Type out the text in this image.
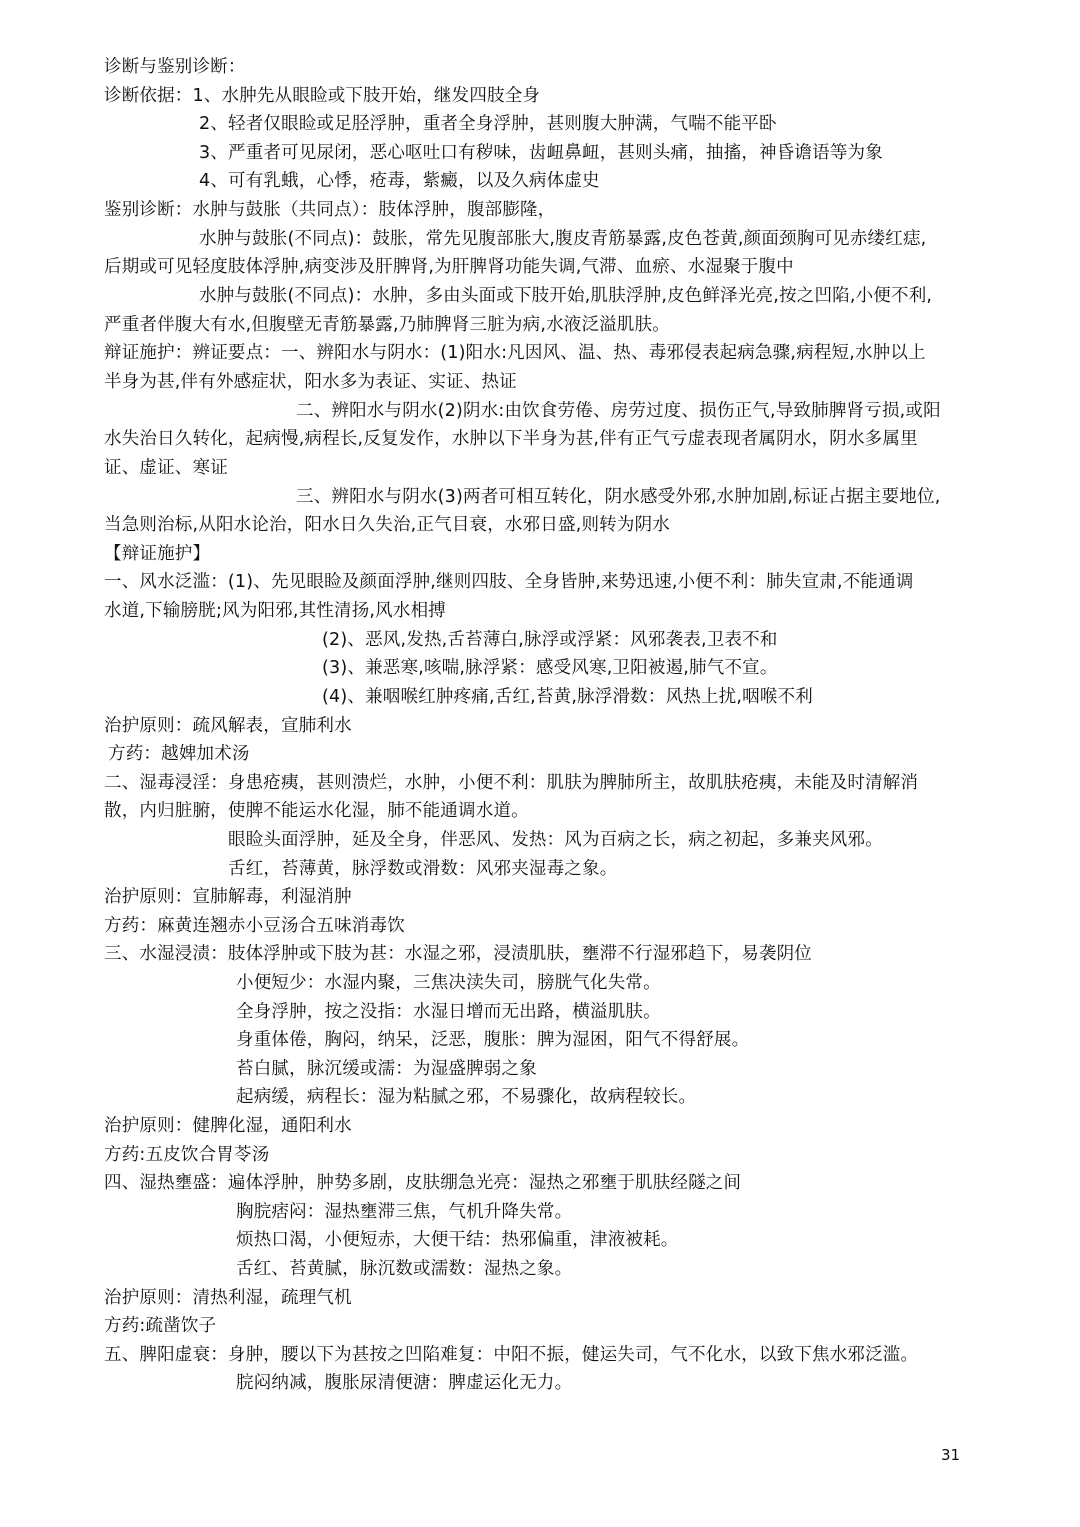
诊断与鉴别诊断：
诊断依据：1、水肿先从眼睑或下肢开始，继发四肢全身
2、轻者仅眼睑或足胫浮肿，重者全身浮肿，甚则腹大肿满，气喘不能平卧
3、严重者可见尿闭，恶心呕吐口有秽味，齿衄鼻衄，甚则头痛，抽搐，神昏谵语等为象
4、可有乳蛾，心悸，疮毒，紫癜，以及久病体虚史
鉴别诊断：水肿与鼓胀（共同点）：肢体浮肿，腹部膨隆，
水肿与鼓胀(不同点)：鼓胀，常先见腹部胀大,腹皮青筋暴露,皮色苍黄,颜面颈胸可见赤缕红痣,
后期或可见轻度肢体浮肿,病变涉及肝脾肾,为肝脾肾功能失调,气滞、血瘀、水湿聚于腹中
水肿与鼓胀(不同点)：水肿，多由头面或下肢开始,肌肤浮肿,皮色鲜泽光亮,按之凹陷,小便不利,
严重者伴腹大有水,但腹壁无青筋暴露,乃肺脾肾三脏为病,水液泛溢肌肤。
辩证施护：辨证要点：一、辨阳水与阴水：(1)阳水:凡因风、温、热、毒邪侵表起病急骤,病程短,水肿以上
半身为甚,伴有外感症状，阳水多为表证、实证、热证
二、辨阳水与阴水(2)阴水:由饮食劳倦、房劳过度、损伤正气,导致肺脾肾亏损,或阳
水失治日久转化，起病慢,病程长,反复发作，水肿以下半身为甚,伴有正气亏虚表现者属阴水，阴水多属里
证、虚证、寒证
三、辨阳水与阴水(3)两者可相互转化，阴水感受外邪,水肿加剧,标证占据主要地位,
当急则治标,从阳水论治，阳水日久失治,正气目衰，水邪日盛,则转为阴水
【辩证施护】
一、风水泛滥：(1)、先见眼睑及颜面浮肿,继则四肢、全身皆肿,来势迅速,小便不利：肺失宣肃,不能通调
水道,下输膀胱;风为阳邪,其性清扬,风水相搏
(2)、恶风,发热,舌苔薄白,脉浮或浮紧：风邪袭表,卫表不和
(3)、兼恶寒,咳喘,脉浮紧：感受风寒,卫阳被遏,肺气不宣。
(4)、兼咽喉红肿疼痛,舌红,苔黄,脉浮滑数：风热上扰,咽喉不利
治护原则：疏风解表，宣肺利水
方药：越婢加术汤
二、湿毒浸淫：身患疮痍，甚则溃烂，水肿，小便不利：肌肤为脾肺所主，故肌肤疮痍，未能及时清解消
散，内归脏腑，使脾不能运水化湿，肺不能通调水道。
眼睑头面浮肿，延及全身，伴恶风、发热：风为百病之长，病之初起，多兼夹风邪。
舌红，苔薄黄，脉浮数或滑数：风邪夹湿毒之象。
治护原则：宣肺解毒，利湿消肿
方药：麻黄连翘赤小豆汤合五味消毒饮
三、水湿浸渍：肢体浮肿或下肢为甚：水湿之邪，浸渍肌肤，壅滞不行湿邪趋下，易袭阴位
小便短少：水湿内聚，三焦决渎失司，膀胱气化失常。
全身浮肿，按之没指：水湿日增而无出路，横溢肌肤。
身重体倦，胸闷，纳呆，泛恶，腹胀：脾为湿困，阳气不得舒展。
苔白腻，脉沉缓或濡：为湿盛脾弱之象
起病缓，病程长：湿为粘腻之邪，不易骤化，故病程较长。
治护原则：健脾化湿，通阳利水
方药:五皮饮合胃苓汤
四、湿热壅盛：遍体浮肿，肿势多剧，皮肤绷急光亮：湿热之邪壅于肌肤经隧之间
胸脘痞闷：湿热壅滞三焦，气机升降失常。
烦热口渴，小便短赤，大便干结：热邪偏重，津液被耗。
舌红、苔黄腻，脉沉数或濡数：湿热之象。
治护原则：清热利湿，疏理气机
方药:疏凿饮子
五、脾阳虚衰：身肿，腰以下为甚按之凹陷难复：中阳不振，健运失司，气不化水，以致下焦水邪泛滥。
脘闷纳减，腹胀尿清便溏：脾虚运化无力。
31
